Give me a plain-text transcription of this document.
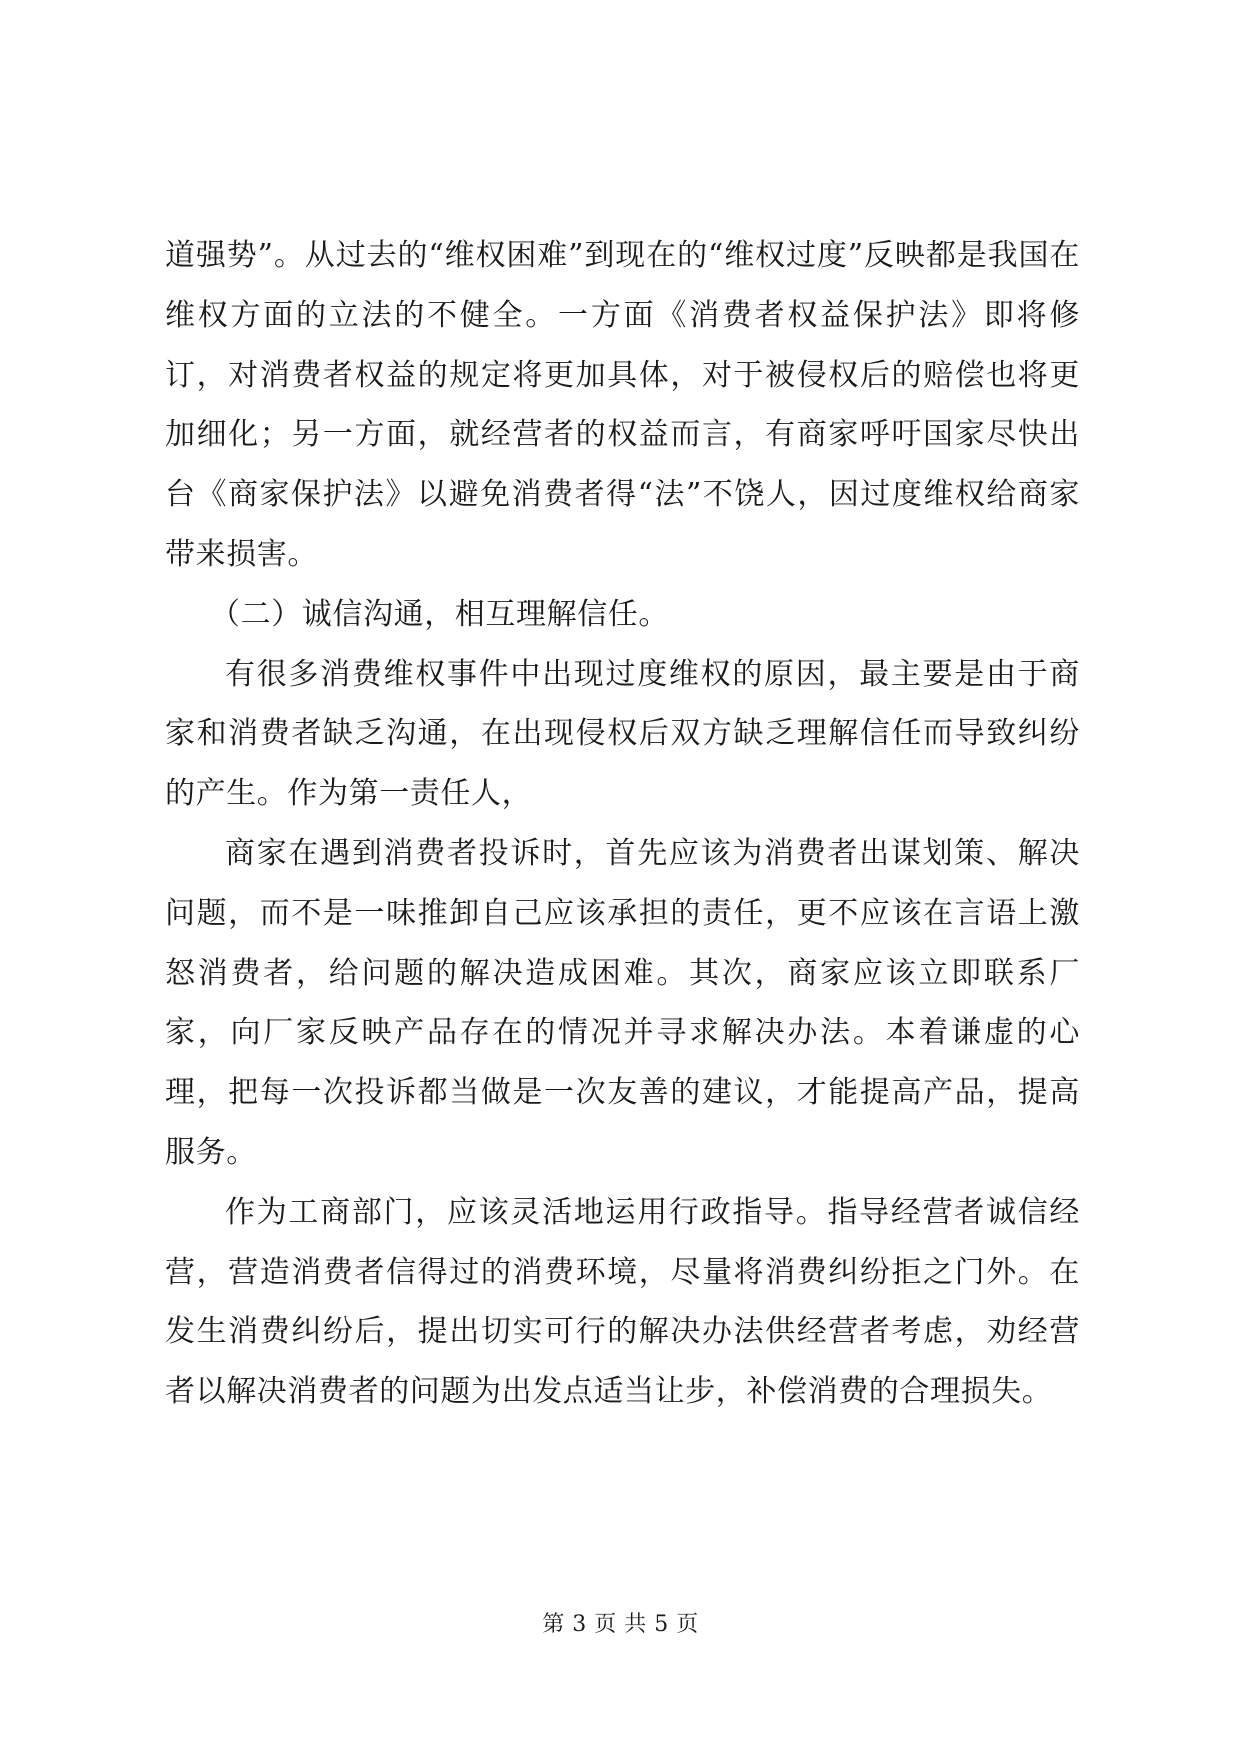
道强势”。从过去的“维权困难”到现在的“维权过度”反映都是我国在维权方面的立法的不健全。一方面《消费者权益保护法》即将修订，对消费者权益的规定将更加具体，对于被侵权后的赔偿也将更加细化；另一方面，就经营者的权益而言，有商家呼吁国家尽快出台《商家保护法》以避免消费者得“法”不饶人，因过度维权给商家带来损害。

（二）诚信沟通，相互理解信任。

有很多消费维权事件中出现过度维权的原因，最主要是由于商家和消费者缺乏沟通，在出现侵权后双方缺乏理解信任而导致纠纷的产生。作为第一责任人，

商家在遇到消费者投诉时，首先应该为消费者出谋划策、解决问题，而不是一味推卸自己应该承担的责任，更不应该在言语上激怒消费者，给问题的解决造成困难。其次，商家应该立即联系厂家，向厂家反映产品存在的情况并寻求解决办法。本着谦虚的心理，把每一次投诉都当做是一次友善的建议，才能提高产品，提高服务。

作为工商部门，应该灵活地运用行政指导。指导经营者诚信经营，营造消费者信得过的消费环境，尽量将消费纠纷拒之门外。在发生消费纠纷后，提出切实可行的解决办法供经营者考虑，劝经营者以解决消费者的问题为出发点适当让步，补偿消费的合理损失。

第 3 页 共 5 页
